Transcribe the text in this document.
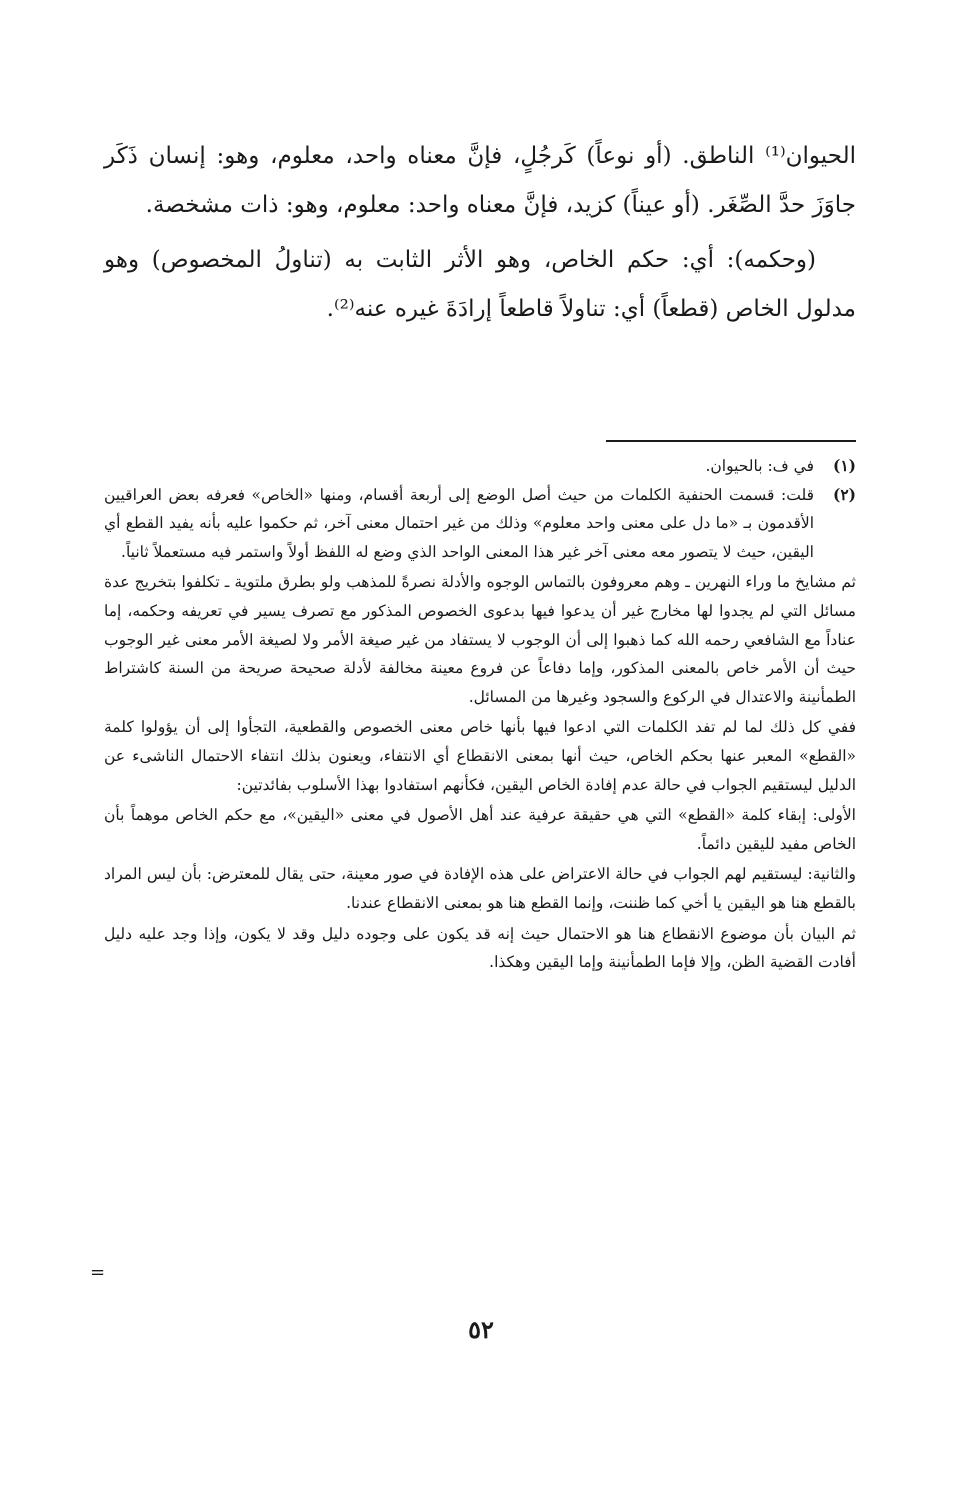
الحيوان⁽¹⁾ الناطق. (أو نوعاً) كَرجُلٍ، فإنَّ معناه واحد، معلوم، وهو: إنسان ذَكَر جاوَزَ حدَّ الصِّغَر. (أو عيناً) كزيد، فإنَّ معناه واحد: معلوم، وهو: ذات مشخصة.

(وحكمه): أي: حكم الخاص، وهو الأثر الثابت به (تناولُ المخصوص) وهو مدلول الخاص (قطعاً) أي: تناولاً قاطعاً إرادَةَ غيره عنه⁽²⁾.

(١)

في ف: بالحيوان.

(٢)

قلت: قسمت الحنفية الكلمات من حيث أصل الوضع إلى أربعة أقسام، ومنها «الخاص» فعرفه بعض العراقيين الأقدمون بـ «ما دل على معنى واحد معلوم» وذلك من غير احتمال معنى آخر، ثم حكموا عليه بأنه يفيد القطع أي اليقين، حيث لا يتصور معه معنى آخر غير هذا المعنى الواحد الذي وضع له اللفظ أولاً واستمر فيه مستعملاً ثانياً.

ثم مشايخ ما وراء النهرين ـ وهم معروفون بالتماس الوجوه والأدلة نصرةً للمذهب ولو بطرق ملتوية ـ تكلفوا بتخريج عدة مسائل التي لم يجدوا لها مخارج غير أن يدعوا فيها بدعوى الخصوص المذكور مع تصرف يسير في تعريفه وحكمه، إما عناداً مع الشافعي رحمه الله كما ذهبوا إلى أن الوجوب لا يستفاد من غير صيغة الأمر ولا لصيغة الأمر معنى غير الوجوب حيث أن الأمر خاص بالمعنى المذكور، وإما دفاعاً عن فروع معينة مخالفة لأدلة صحيحة صريحة من السنة كاشتراط الطمأنينة والاعتدال في الركوع والسجود وغيرها من المسائل.

ففي كل ذلك لما لم تفد الكلمات التي ادعوا فيها بأنها خاص معنى الخصوص والقطعية، التجأوا إلى أن يؤولوا كلمة «القطع» المعبر عنها بحكم الخاص، حيث أنها بمعنى الانقطاع أي الانتفاء، ويعنون بذلك انتفاء الاحتمال الناشىء عن الدليل ليستقيم الجواب في حالة عدم إفادة الخاص اليقين، فكأنهم استفادوا بهذا الأسلوب بفائدتين:

الأولى: إبقاء كلمة «القطع» التي هي حقيقة عرفية عند أهل الأصول في معنى «اليقين»، مع حكم الخاص موهماً بأن الخاص مفيد لليقين دائماً.

والثانية: ليستقيم لهم الجواب في حالة الاعتراض على هذه الإفادة في صور معينة، حتى يقال للمعترض: بأن ليس المراد بالقطع هنا هو اليقين يا أخي كما ظننت، وإنما القطع هنا هو بمعنى الانقطاع عندنا.

ثم البيان بأن موضوع الانقطاع هنا هو الاحتمال حيث إنه قد يكون على وجوده دليل وقد لا يكون، وإذا وجد عليه دليل أفادت القضية الظن، وإلا فإما الطمأنينة وإما اليقين وهكذا.

=
٥٢
